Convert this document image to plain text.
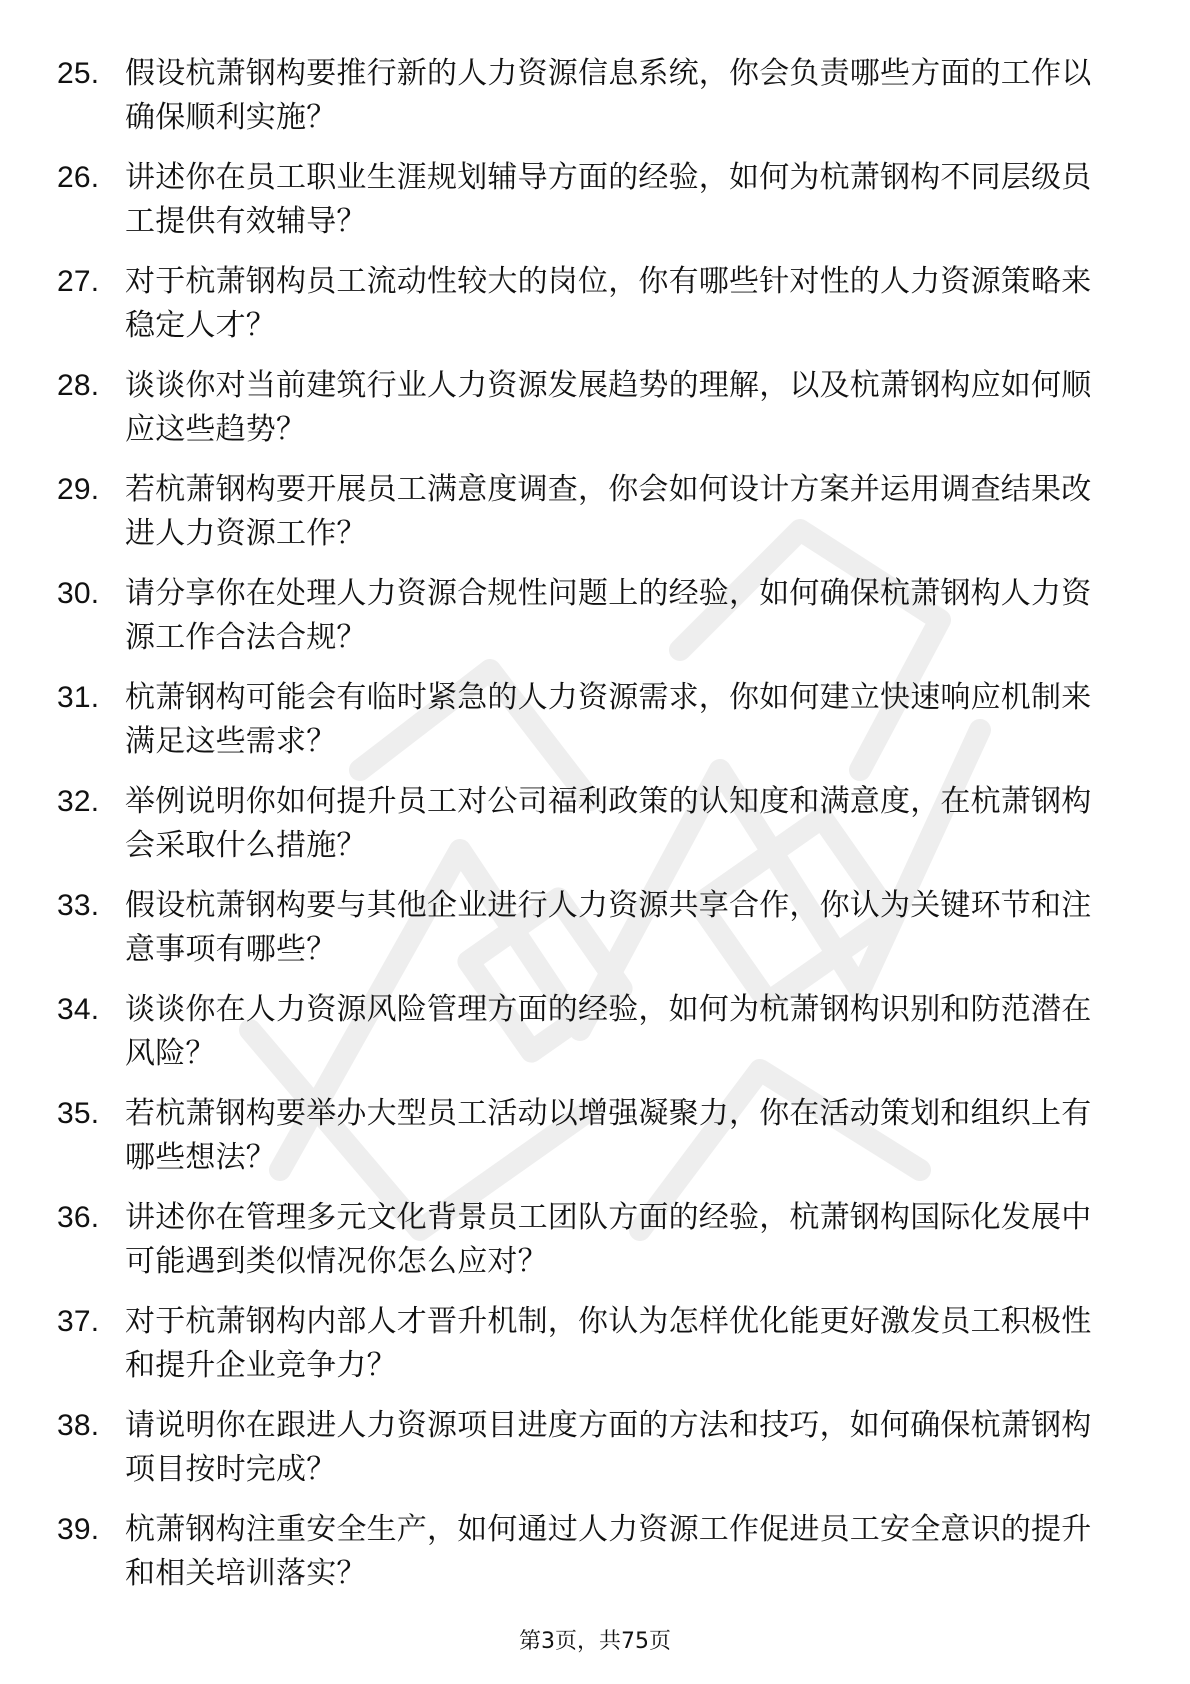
25. 假设杭萧钢构要推行新的人力资源信息系统，你会负责哪些方面的工作以确保顺利实施？
26. 讲述你在员工职业生涯规划辅导方面的经验，如何为杭萧钢构不同层级员工提供有效辅导？
27. 对于杭萧钢构员工流动性较大的岗位，你有哪些针对性的人力资源策略来稳定人才？
28. 谈谈你对当前建筑行业人力资源发展趋势的理解，以及杭萧钢构应如何顺应这些趋势？
29. 若杭萧钢构要开展员工满意度调查，你会如何设计方案并运用调查结果改进人力资源工作？
30. 请分享你在处理人力资源合规性问题上的经验，如何确保杭萧钢构人力资源工作合法合规？
31. 杭萧钢构可能会有临时紧急的人力资源需求，你如何建立快速响应机制来满足这些需求？
32. 举例说明你如何提升员工对公司福利政策的认知度和满意度，在杭萧钢构会采取什么措施？
33. 假设杭萧钢构要与其他企业进行人力资源共享合作，你认为关键环节和注意事项有哪些？
34. 谈谈你在人力资源风险管理方面的经验，如何为杭萧钢构识别和防范潜在风险？
35. 若杭萧钢构要举办大型员工活动以增强凝聚力，你在活动策划和组织上有哪些想法？
36. 讲述你在管理多元文化背景员工团队方面的经验，杭萧钢构国际化发展中可能遇到类似情况你怎么应对？
37. 对于杭萧钢构内部人才晋升机制，你认为怎样优化能更好激发员工积极性和提升企业竞争力？
38. 请说明你在跟进人力资源项目进度方面的方法和技巧，如何确保杭萧钢构项目按时完成？
39. 杭萧钢构注重安全生产，如何通过人力资源工作促进员工安全意识的提升和相关培训落实？
第3页，共75页
